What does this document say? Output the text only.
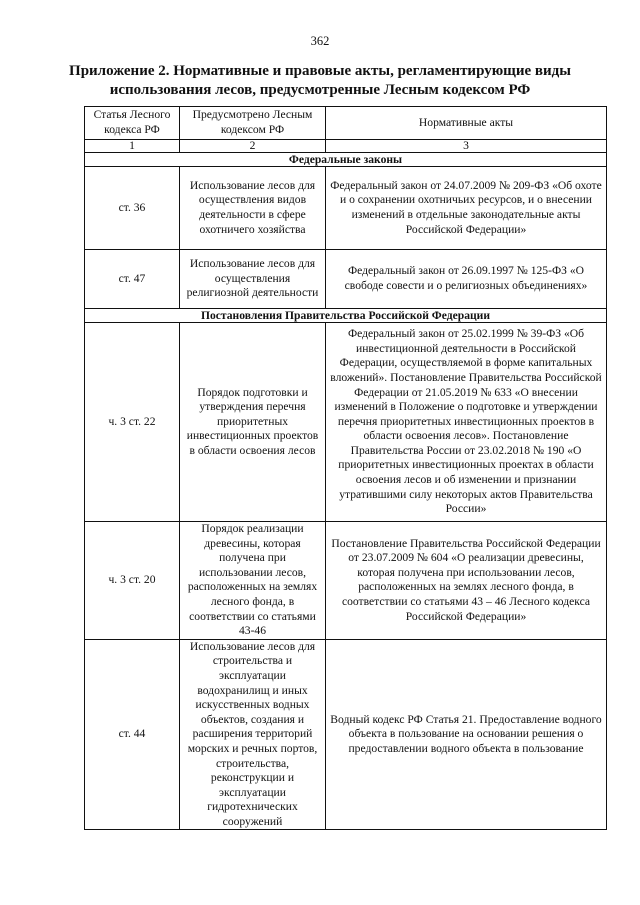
362
Приложение 2. Нормативные и правовые акты, регламентирующие виды использования лесов, предусмотренные Лесным кодексом РФ
Статья Лесного кодекса РФ	Предусмотрено Лесным кодексом РФ	Нормативные акты
1	2	3
Федеральные законы		
ст. 36	Использование лесов для осуществления видов деятельности в сфере охотничего хозяйства	Федеральный закон от 24.07.2009 № 209-ФЗ «Об охоте и о сохранении охотничьих ресурсов, и о внесении изменений в отдельные законодательные акты Российской Федерации»
ст. 47	Использование лесов для осуществления религиозной деятельности	Федеральный закон от 26.09.1997 № 125-ФЗ «О свободе совести и о религиозных объединениях»
Постановления Правительства Российской Федерации		
ч. 3 ст. 22	Порядок подготовки и утверждения перечня приоритетных инвестиционных проектов в области освоения лесов	Федеральный закон от 25.02.1999 № 39-ФЗ «Об инвестиционной деятельности в Российской Федерации, осуществляемой в форме капитальных вложений». Постановление Правительства Российской Федерации от 21.05.2019 № 633 «О внесении изменений в Положение о подготовке и утверждении перечня приоритетных инвестиционных проектов в области освоения лесов». Постановление Правительства России от 23.02.2018 № 190 «О приоритетных инвестиционных проектах в области освоения лесов и об изменении и признании утратившими силу некоторых актов Правительства России»
ч. 3 ст. 20	Порядок реализации древесины, которая получена при использовании лесов, расположенных на землях лесного фонда, в соответствии со статьями 43-46	Постановление Правительства Российской Федерации от 23.07.2009 № 604 «О реализации древесины, которая получена при использовании лесов, расположенных на землях лесного фонда, в соответствии со статьями 43 – 46 Лесного кодекса Российской Федерации»
ст. 44	Использование лесов для строительства и эксплуатации водохранилищ и иных искусственных водных объектов, создания и расширения территорий морских и речных портов, строительства, реконструкции и эксплуатации гидротехнических сооружений	Водный кодекс РФ Статья 21. Предоставление водного объекта в пользование на основании решения о предоставлении водного объекта в пользование
